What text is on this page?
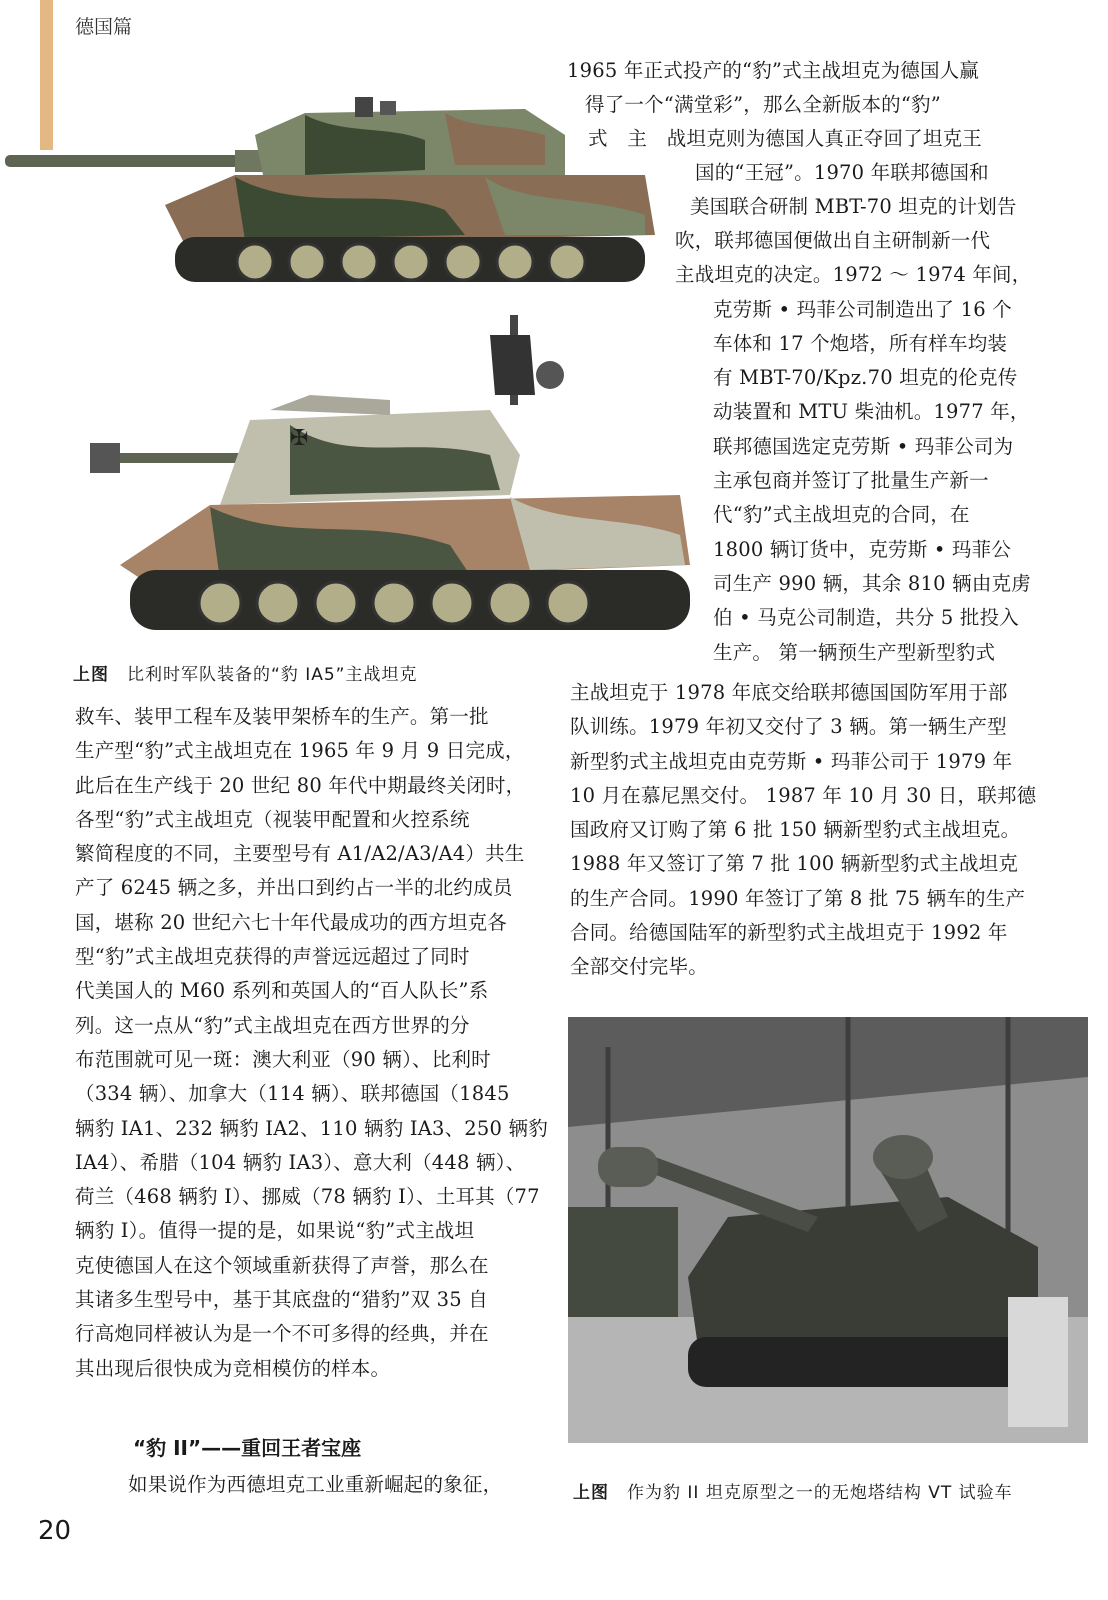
德国篇
✠
上图 比利时军队装备的“豹 IA5”主战坦克
1965 年正式投产的“豹”式主战坦克为德国人赢
得了一个“满堂彩”，那么全新版本的“豹”
式　主　战坦克则为德国人真正夺回了坦克王
国的“王冠”。1970 年联邦德国和
美国联合研制 MBT-70 坦克的计划告
吹，联邦德国便做出自主研制新一代
主战坦克的决定。1972 ～ 1974 年间，
克劳斯 • 玛菲公司制造出了 16 个
车体和 17 个炮塔，所有样车均装
有 MBT-70/Kpz.70 坦克的伦克传
动装置和 MTU 柴油机。1977 年，
联邦德国选定克劳斯 • 玛菲公司为
主承包商并签订了批量生产新一
代“豹”式主战坦克的合同，在
1800 辆订货中，克劳斯 • 玛菲公
司生产 990 辆，其余 810 辆由克虏
伯 • 马克公司制造，共分 5 批投入
生产。 第一辆预生产型新型豹式
主战坦克于 1978 年底交给联邦德国国防军用于部
队训练。1979 年初又交付了 3 辆。第一辆生产型
新型豹式主战坦克由克劳斯 • 玛菲公司于 1979 年
10 月在慕尼黑交付。 1987 年 10 月 30 日，联邦德
国政府又订购了第 6 批 150 辆新型豹式主战坦克。
1988 年又签订了第 7 批 100 辆新型豹式主战坦克
的生产合同。1990 年签订了第 8 批 75 辆车的生产
合同。给德国陆军的新型豹式主战坦克于 1992 年
全部交付完毕。
救车、装甲工程车及装甲架桥车的生产。第一批
生产型“豹”式主战坦克在 1965 年 9 月 9 日完成，
此后在生产线于 20 世纪 80 年代中期最终关闭时，
各型“豹”式主战坦克（视装甲配置和火控系统
繁简程度的不同，主要型号有 A1/A2/A3/A4）共生
产了 6245 辆之多，并出口到约占一半的北约成员
国，堪称 20 世纪六七十年代最成功的西方坦克各
型“豹”式主战坦克获得的声誉远远超过了同时
代美国人的 M60 系列和英国人的“百人队长”系
列。这一点从“豹”式主战坦克在西方世界的分
布范围就可见一斑：澳大利亚（90 辆）、比利时
（334 辆）、加拿大（114 辆）、联邦德国（1845
辆豹 IA1、232 辆豹 IA2、110 辆豹 IA3、250 辆豹
IA4）、希腊（104 辆豹 IA3）、意大利（448 辆）、
荷兰（468 辆豹 I）、挪威（78 辆豹 I）、土耳其（77
辆豹 I）。值得一提的是，如果说“豹”式主战坦
克使德国人在这个领域重新获得了声誉，那么在
其诸多生型号中，基于其底盘的“猎豹”双 35 自
行高炮同样被认为是一个不可多得的经典，并在
其出现后很快成为竞相模仿的样本。
“豹 II”——重回王者宝座
如果说作为西德坦克工业重新崛起的象征，	上图 作为豹 II 坦克原型之一的无炮塔结构 VT 试验车
20
